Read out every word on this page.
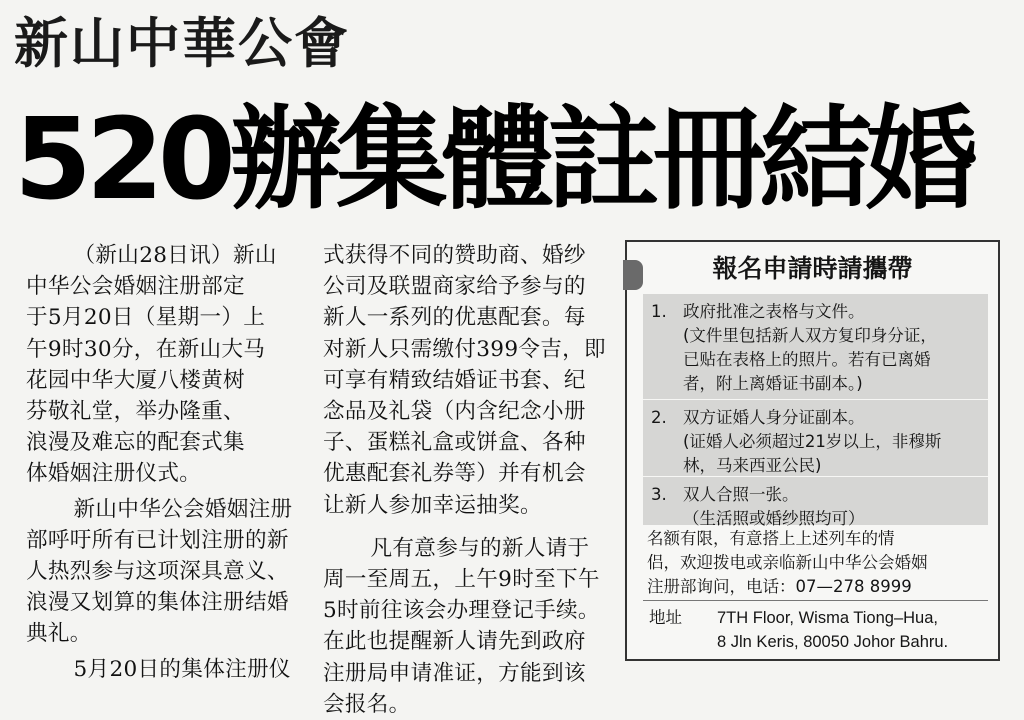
新山中華公會
520辦集體註冊結婚

（新山28日讯）新山
中华公会婚姻注册部定
于5月20日（星期一）上
午9时30分，在新山大马
花园中华大厦八楼黄树
芬敬礼堂，举办隆重、
浪漫及难忘的配套式集
体婚姻注册仪式。

新山中华公会婚姻注册
部呼吁所有已计划注册的新
人热烈参与这项深具意义、
浪漫又划算的集体注册结婚
典礼。

5月20日的集体注册仪

式获得不同的赞助商、婚纱
公司及联盟商家给予参与的
新人一系列的优惠配套。每
对新人只需缴付399令吉，即
可享有精致结婚证书套、纪
念品及礼袋（内含纪念小册
子、蛋糕礼盒或饼盒、各种
优惠配套礼券等）并有机会
让新人参加幸运抽奖。

凡有意参与的新人请于
周一至周五，上午9时至下午
5时前往该会办理登记手续。
在此也提醒新人请先到政府
注册局申请准证，方能到该
会报名。

報名申請時請攜帶
1. 政府批准之表格与文件。
(文件里包括新人双方复印身分证，
已贴在表格上的照片。若有已离婚
者，附上离婚证书副本。)
2. 双方证婚人身分证副本。
(证婚人必须超过21岁以上，非穆斯
林，马来西亚公民)
3. 双人合照一张。
（生活照或婚纱照均可）
名额有限，有意搭上上述列车的情
侣，欢迎拨电或亲临新山中华公会婚姻
注册部询问，电话：07—278 8999
地址 7TH Floor, Wisma Tiong–Hua,
8 Jln Keris, 80050 Johor Bahru.
